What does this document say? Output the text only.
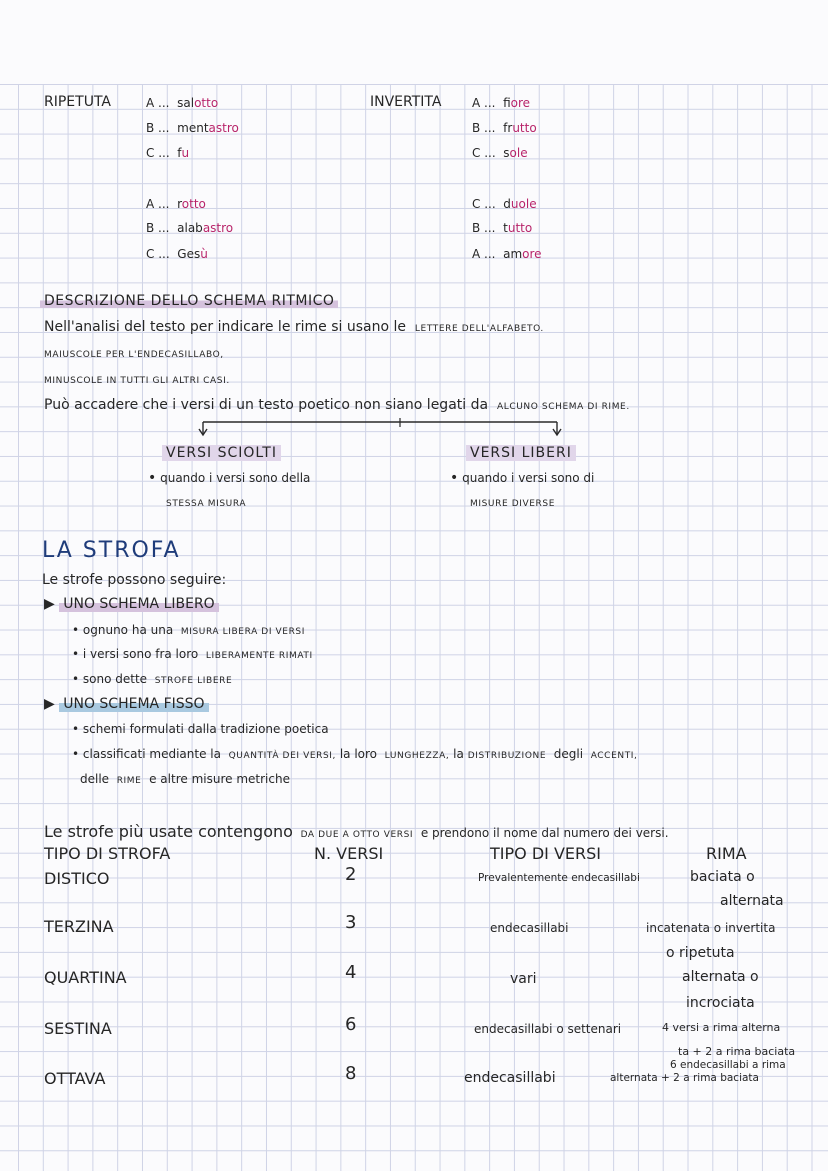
RIPETUTA	A ... salotto
B ... mentastro
C ... fu
A ... rotto
B ... alabastro
C ... Gesù
INVERTITA	A ... fiore
B ... frutto
C ... sole
C ... duole
B ... tutto
A ... amore
DESCRIZIONE DELLO SCHEMA RITMICO
Nell'analisi del testo per indicare le rime si usano le LETTERE DELL'ALFABETO.
MAIUSCOLE PER L'ENDECASILLABO,
MINUSCOLE IN TUTTI GLI ALTRI CASI.
Può accadere che i versi di un testo poetico non siano legati da ALCUNO SCHEMA DI RIME.
VERSI SCIOLTI
• quando i versi sono della
STESSA MISURA
VERSI LIBERI
• quando i versi sono di
MISURE DIVERSE
LA STROFA
Le strofe possono seguire:
▶ UNO SCHEMA LIBERO
• ognuno ha una MISURA LIBERA DI VERSI
• i versi sono fra loro LIBERAMENTE RIMATI
• sono dette STROFE LIBERE
▶ UNO SCHEMA FISSO
• schemi formulati dalla tradizione poetica
• classificati mediante la QUANTITÀ DEI VERSI, la loro LUNGHEZZA, la DISTRIBUZIONE degli ACCENTI,
delle RIME e altre misure metriche
Le strofe più usate contengono DA DUE A OTTO VERSI e prendono il nome dal numero dei versi.
TIPO DI STROFA	N. VERSI	TIPO DI VERSI	RIMA
DISTICO	2	Prevalentemente endecasillabi	baciata o
alternata
TERZINA	3	endecasillabi	incatenata o invertita
o ripetuta
QUARTINA	4	vari	alternata o
incrociata
SESTINA	6	endecasillabi o settenari	4 versi a rima alterna
ta + 2 a rima baciata
OTTAVA	8	endecasillabi
6 endecasillabi a rima
alternata + 2 a rima baciata
